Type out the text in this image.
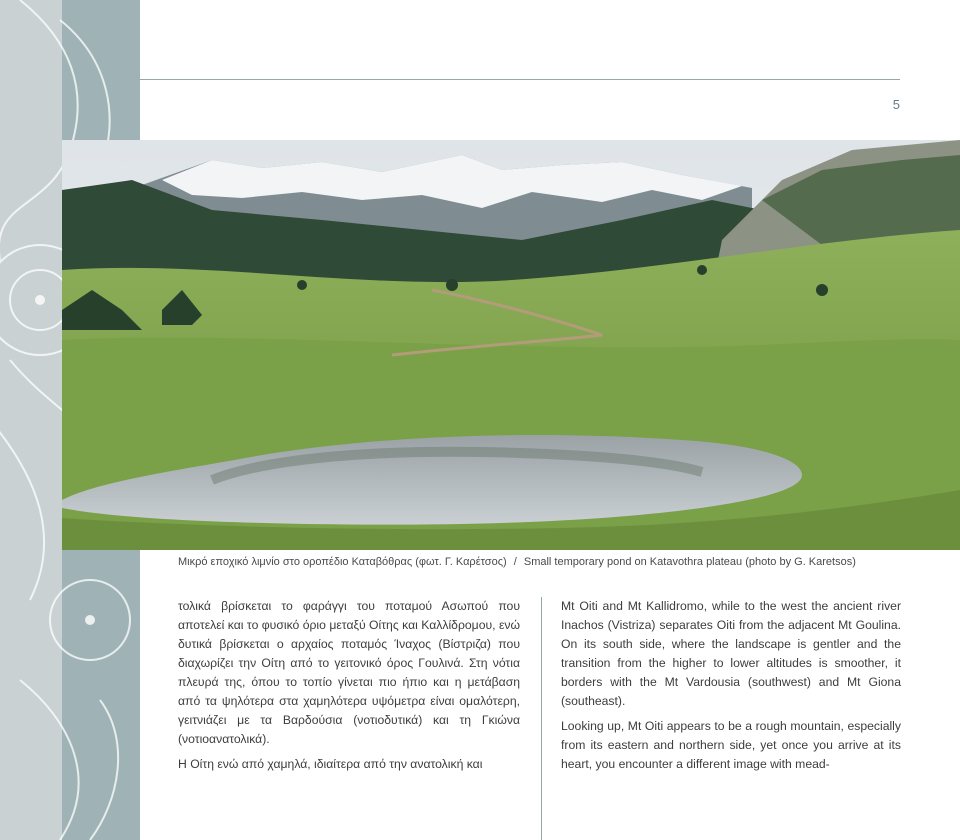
5
Μικρό εποχικό λιμνίο στο οροπέδιο Καταβόθρας (φωτ. Γ. Καρέτσος) / Small temporary pond on Katavothra plateau (photo by G. Karetsos)

τολικά βρίσκεται το φαράγγι του ποταμού Ασωπού που αποτελεί και το φυσικό όριο μεταξύ Οίτης και Καλλίδρομου, ενώ δυτικά βρίσκεται ο αρχαίος ποταμός Ίναχος (Βίστριζα) που διαχωρίζει την Οίτη από το γειτονικό όρος Γουλινά. Στη νότια πλευρά της, όπου το τοπίο γίνεται πιο ήπιο και η μετάβαση από τα ψηλότερα στα χαμηλότερα υψόμετρα είναι ομαλότερη, γειτνιάζει με τα Βαρδούσια (νοτιοδυτικά) και τη Γκιώνα (νοτιοανατολικά).

Η Οίτη ενώ από χαμηλά, ιδιαίτερα από την ανατολική και

Mt Oiti and Mt Kallidromo, while to the west the ancient river Inachos (Vistriza) separates Oiti from the adjacent Mt Goulina. On its south side, where the landscape is gentler and the transition from the higher to lower altitudes is smoother, it borders with the Mt Vardousia (southwest) and Mt Giona (southeast).

Looking up, Mt Oiti appears to be a rough mountain, especially from its eastern and northern side, yet once you arrive at its heart, you encounter a different image with mead-
